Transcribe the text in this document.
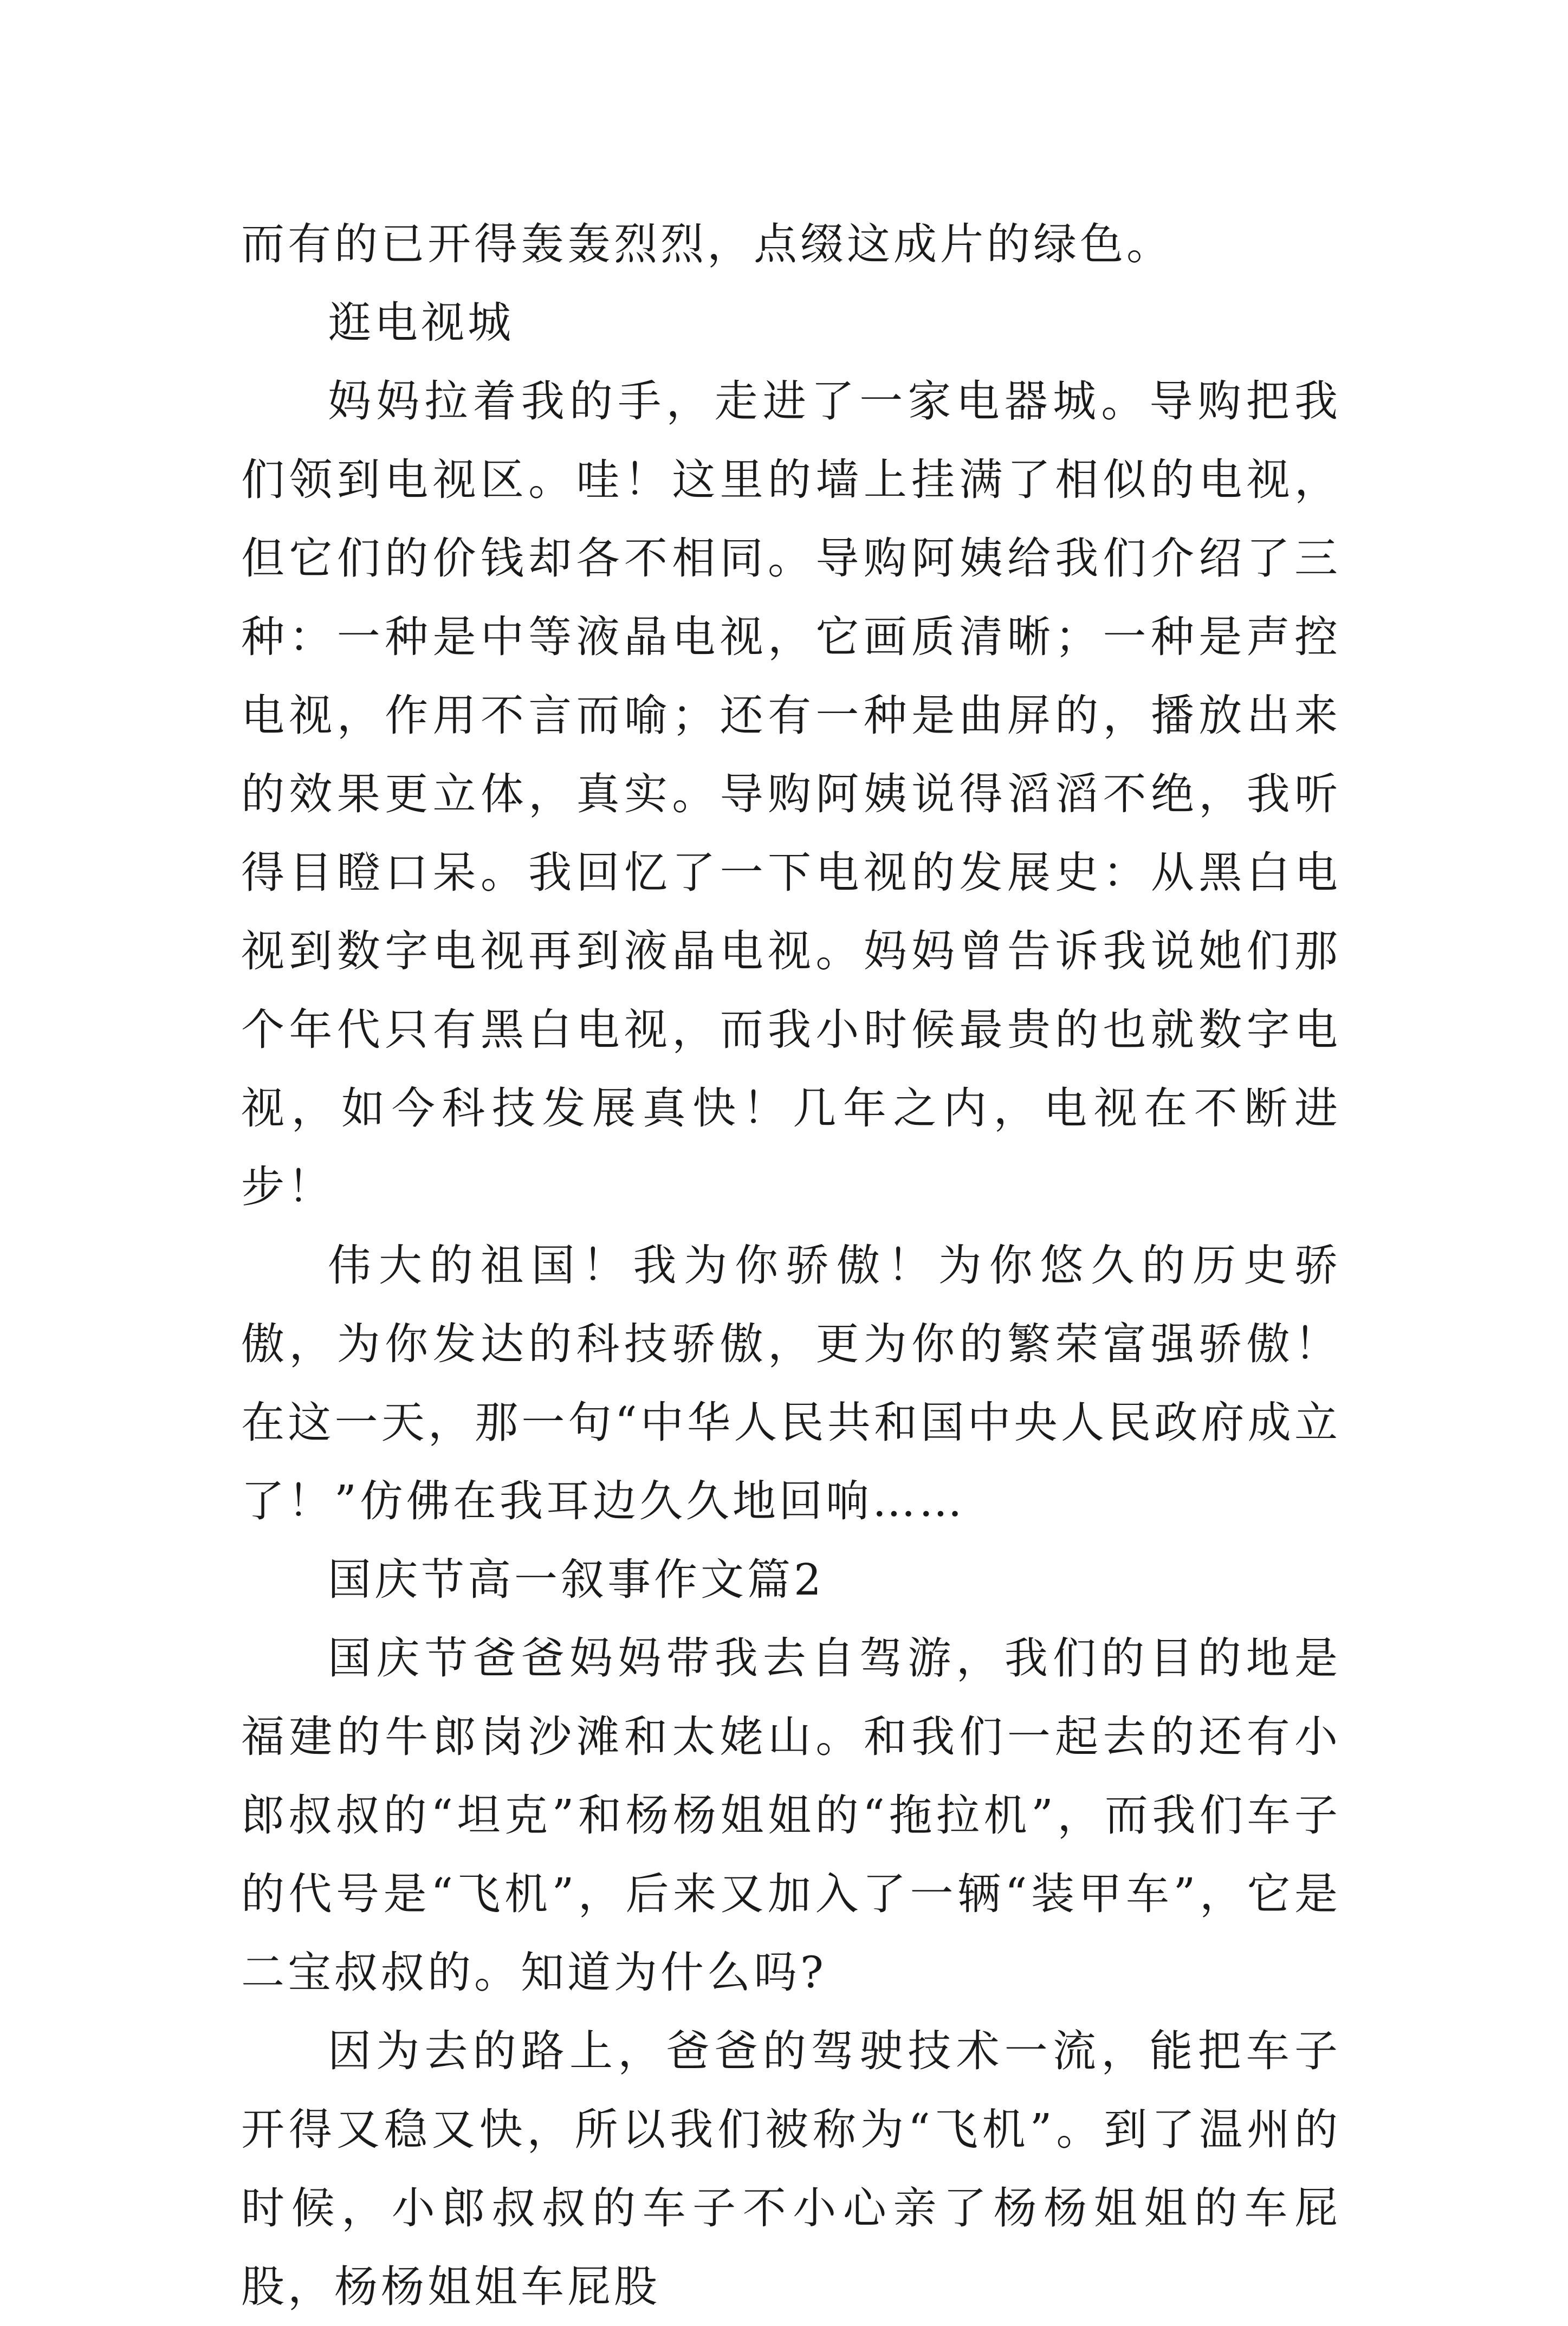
而有的已开得轰轰烈烈，点缀这成片的绿色。

逛电视城

妈妈拉着我的手，走进了一家电器城。导购把我们领到电视区。哇！这里的墙上挂满了相似的电视，但它们的价钱却各不相同。导购阿姨给我们介绍了三种：一种是中等液晶电视，它画质清晰；一种是声控电视，作用不言而喻；还有一种是曲屏的，播放出来的效果更立体，真实。导购阿姨说得滔滔不绝，我听得目瞪口呆。我回忆了一下电视的发展史：从黑白电视到数字电视再到液晶电视。妈妈曾告诉我说她们那个年代只有黑白电视，而我小时候最贵的也就数字电视，如今科技发展真快！几年之内，电视在不断进步！

伟大的祖国！我为你骄傲！为你悠久的历史骄傲，为你发达的科技骄傲，更为你的繁荣富强骄傲！在这一天，那一句“中华人民共和国中央人民政府成立了！”仿佛在我耳边久久地回响……

国庆节高一叙事作文篇2

国庆节爸爸妈妈带我去自驾游，我们的目的地是福建的牛郎岗沙滩和太姥山。和我们一起去的还有小郎叔叔的“坦克”和杨杨姐姐的“拖拉机”，而我们车子的代号是“飞机”，后来又加入了一辆“装甲车”，它是二宝叔叔的。知道为什么吗?

因为去的路上，爸爸的驾驶技术一流，能把车子开得又稳又快，所以我们被称为“飞机”。到了温州的时候，小郎叔叔的车子不小心亲了杨杨姐姐的车屁股，杨杨姐姐车屁股
